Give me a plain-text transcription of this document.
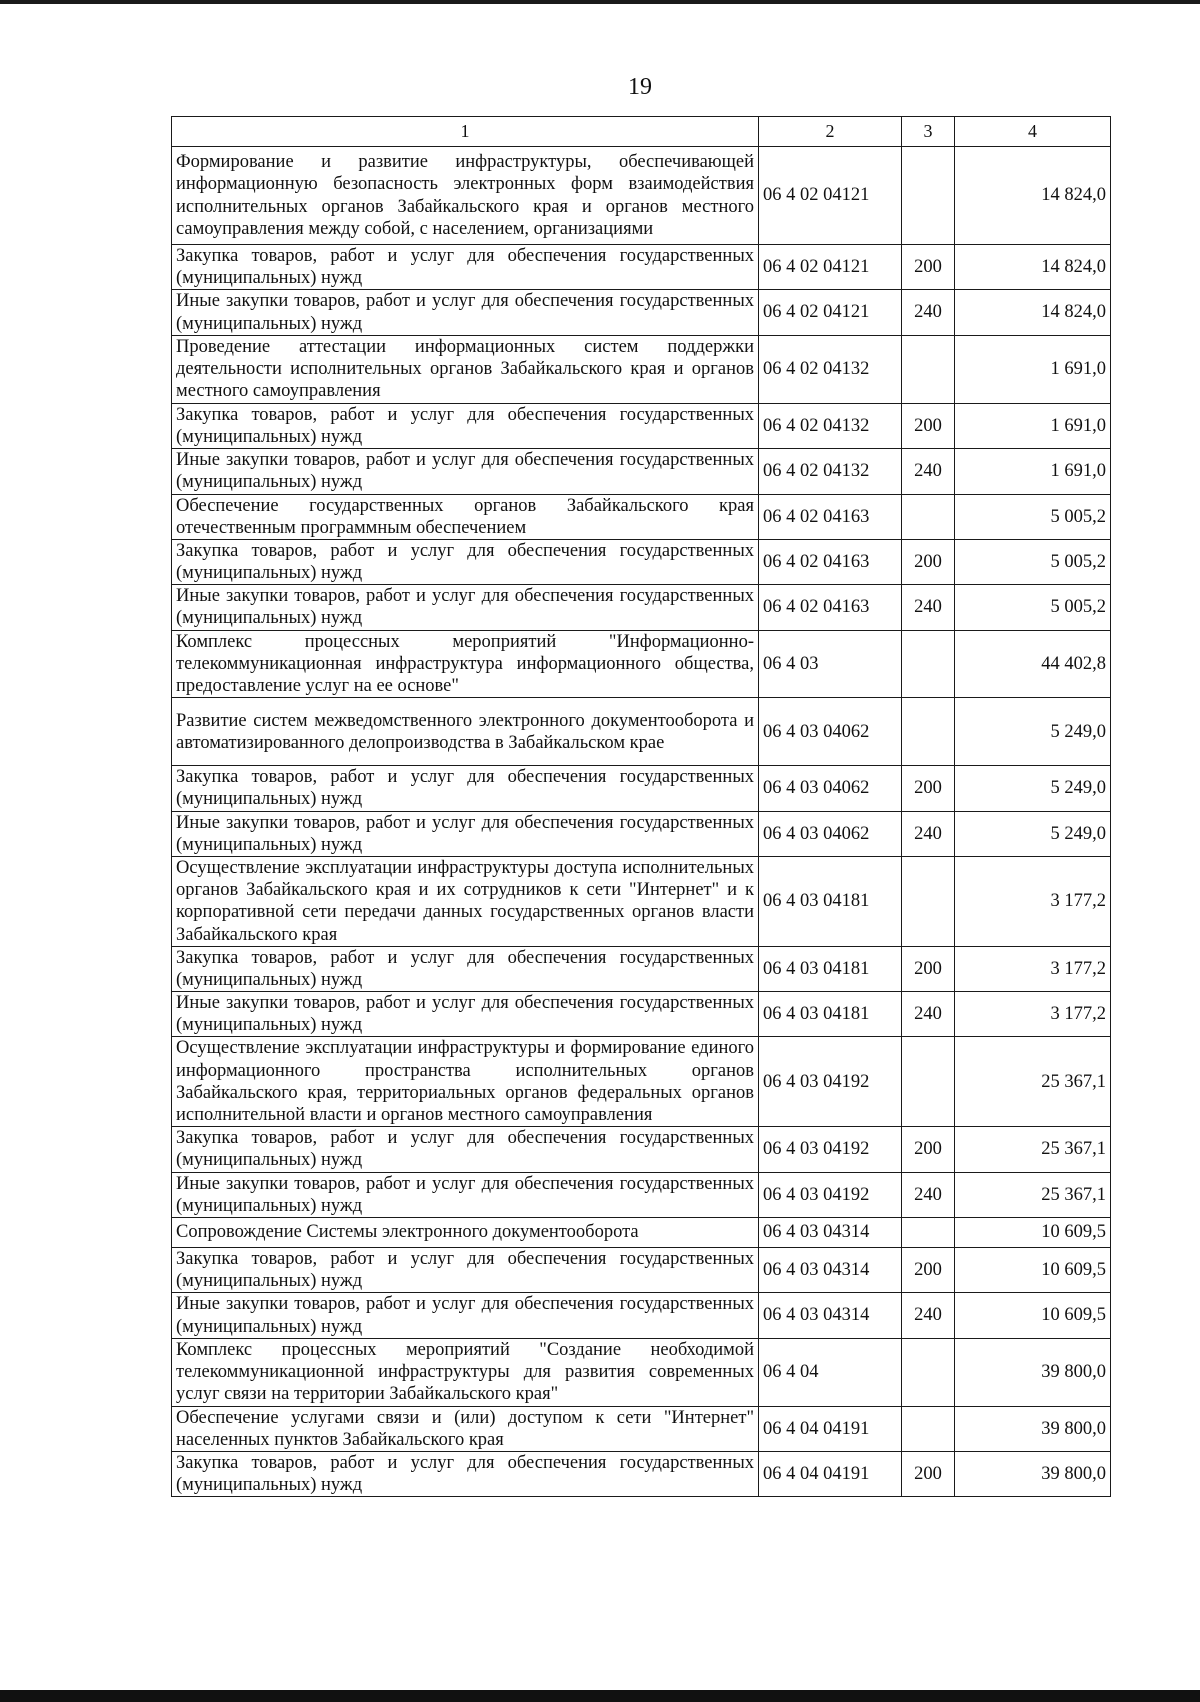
19
1	2	3	4
Формирование и развитие инфраструктуры, обеспечивающей информационную безопасность электронных форм взаимодействия исполнительных органов Забайкальского края и органов местного самоуправления между собой, с населением, организациями	06 4 02 04121		14 824,0
Закупка товаров, работ и услуг для обеспечения государственных (муниципальных) нужд	06 4 02 04121	200	14 824,0
Иные закупки товаров, работ и услуг для обеспечения государственных (муниципальных) нужд	06 4 02 04121	240	14 824,0
Проведение аттестации информационных систем поддержки деятельности исполнительных органов Забайкальского края и органов местного самоуправления	06 4 02 04132		1 691,0
Закупка товаров, работ и услуг для обеспечения государственных (муниципальных) нужд	06 4 02 04132	200	1 691,0
Иные закупки товаров, работ и услуг для обеспечения государственных (муниципальных) нужд	06 4 02 04132	240	1 691,0
Обеспечение государственных органов Забайкальского края отечественным программным обеспечением	06 4 02 04163		5 005,2
Закупка товаров, работ и услуг для обеспечения государственных (муниципальных) нужд	06 4 02 04163	200	5 005,2
Иные закупки товаров, работ и услуг для обеспечения государственных (муниципальных) нужд	06 4 02 04163	240	5 005,2
Комплекс процессных мероприятий "Информационно-телекоммуникационная инфраструктура информационного общества, предоставление услуг на ее основе"	06 4 03		44 402,8
Развитие систем межведомственного электронного документооборота и автоматизированного делопроизводства в Забайкальском крае	06 4 03 04062		5 249,0
Закупка товаров, работ и услуг для обеспечения государственных (муниципальных) нужд	06 4 03 04062	200	5 249,0
Иные закупки товаров, работ и услуг для обеспечения государственных (муниципальных) нужд	06 4 03 04062	240	5 249,0
Осуществление эксплуатации инфраструктуры доступа исполнительных органов Забайкальского края и их сотрудников к сети "Интернет" и к корпоративной сети передачи данных государственных органов власти Забайкальского края	06 4 03 04181		3 177,2
Закупка товаров, работ и услуг для обеспечения государственных (муниципальных) нужд	06 4 03 04181	200	3 177,2
Иные закупки товаров, работ и услуг для обеспечения государственных (муниципальных) нужд	06 4 03 04181	240	3 177,2
Осуществление эксплуатации инфраструктуры и формирование единого информационного пространства исполнительных органов Забайкальского края, территориальных органов федеральных органов исполнительной власти и органов местного самоуправления	06 4 03 04192		25 367,1
Закупка товаров, работ и услуг для обеспечения государственных (муниципальных) нужд	06 4 03 04192	200	25 367,1
Иные закупки товаров, работ и услуг для обеспечения государственных (муниципальных) нужд	06 4 03 04192	240	25 367,1
Сопровождение Системы электронного документооборота	06 4 03 04314		10 609,5
Закупка товаров, работ и услуг для обеспечения государственных (муниципальных) нужд	06 4 03 04314	200	10 609,5
Иные закупки товаров, работ и услуг для обеспечения государственных (муниципальных) нужд	06 4 03 04314	240	10 609,5
Комплекс процессных мероприятий "Создание необходимой телекоммуникационной инфраструктуры для развития современных услуг связи на территории Забайкальского края"	06 4 04		39 800,0
Обеспечение услугами связи и (или) доступом к сети "Интернет" населенных пунктов Забайкальского края	06 4 04 04191		39 800,0
Закупка товаров, работ и услуг для обеспечения государственных (муниципальных) нужд	06 4 04 04191	200	39 800,0
